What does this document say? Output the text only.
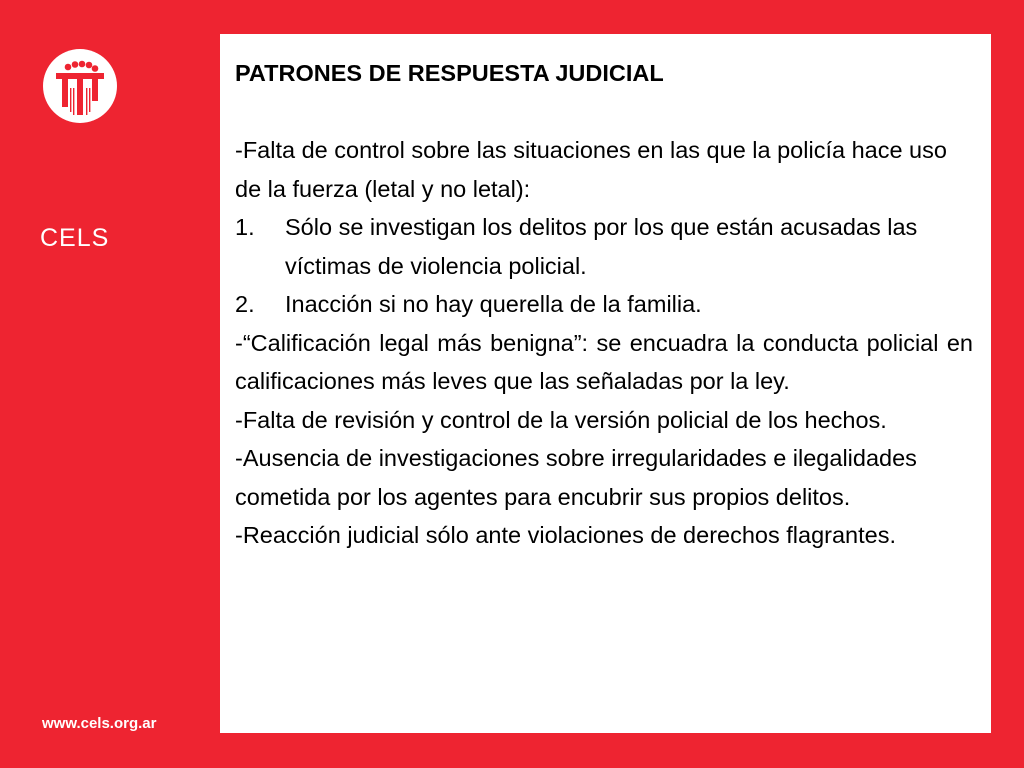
CELS
www.cels.org.ar

PATRONES DE RESPUESTA JUDICIAL

-Falta de control sobre las situaciones en las que la policía hace uso de la fuerza (letal y no letal):

1.	Sólo se investigan los delitos por los que están acusadas las víctimas de violencia policial.
2.	Inacción si no hay querella de la familia.

-“Calificación legal más benigna”: se encuadra la conducta policial en calificaciones más leves que las señaladas por la ley.

-Falta de revisión y control de la versión policial de los hechos.

-Ausencia de investigaciones sobre irregularidades e ilegalidades cometida por los agentes para encubrir sus propios delitos.

-Reacción judicial sólo ante violaciones de derechos flagrantes.
